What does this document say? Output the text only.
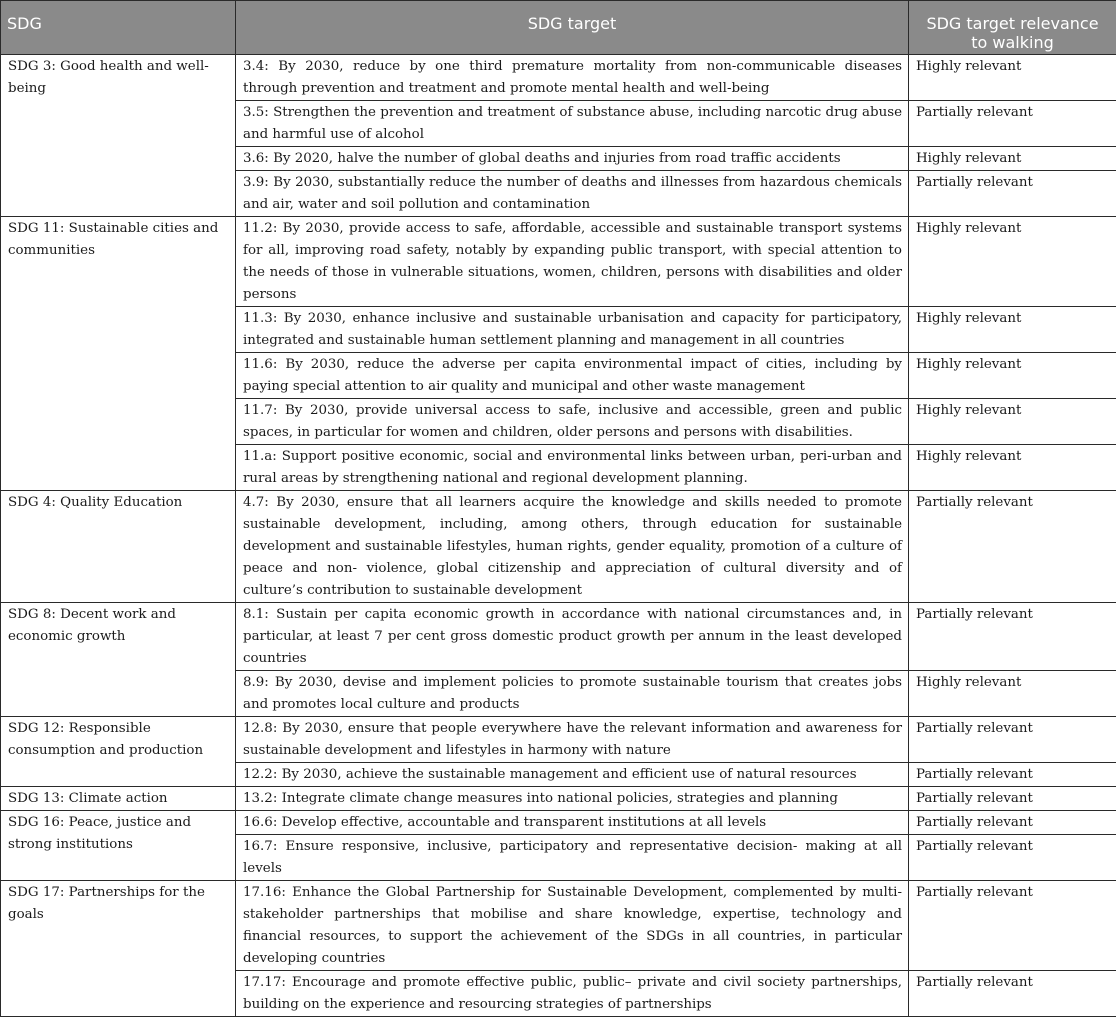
SDG	SDG target	SDG target relevance to walking
SDG 3: Good health and well-being	3.4: By 2030, reduce by one third premature mortality from non-communicable diseases through prevention and treatment and promote mental health and well-being	Highly relevant
	3.5: Strengthen the prevention and treatment of substance abuse, including narcotic drug abuse and harmful use of alcohol	Partially relevant
	3.6: By 2020, halve the number of global deaths and injuries from road traffic accidents	Highly relevant
	3.9: By 2030, substantially reduce the number of deaths and illnesses from hazardous chemicals and air, water and soil pollution and contamination	Partially relevant
SDG 11: Sustainable cities and communities	11.2: By 2030, provide access to safe, affordable, accessible and sustainable transport systems for all, improving road safety, notably by expanding public transport, with special attention to the needs of those in vulnerable situations, women, children, persons with disabilities and older persons	Highly relevant
	11.3: By 2030, enhance inclusive and sustainable urbanisation and capacity for participatory, integrated and sustainable human settlement planning and management in all countries	Highly relevant
	11.6: By 2030, reduce the adverse per capita environmental impact of cities, including by paying special attention to air quality and municipal and other waste management	Highly relevant
	11.7: By 2030, provide universal access to safe, inclusive and accessible, green and public spaces, in particular for women and children, older persons and persons with disabilities.	Highly relevant
	11.a: Support positive economic, social and environmental links between urban, peri-urban and rural areas by strengthening national and regional development planning.	Highly relevant
SDG 4: Quality Education	4.7: By 2030, ensure that all learners acquire the knowledge and skills needed to promote sustainable development, including, among others, through education for sustainable development and sustainable lifestyles, human rights, gender equality, promotion of a culture of peace and non- violence, global citizenship and appreciation of cultural diversity and of culture’s contribution to sustainable development	Partially relevant
SDG 8: Decent work and economic growth	8.1: Sustain per capita economic growth in accordance with national circumstances and, in particular, at least 7 per cent gross domestic product growth per annum in the least developed countries	Partially relevant
	8.9: By 2030, devise and implement policies to promote sustainable tourism that creates jobs and promotes local culture and products	Highly relevant
SDG 12: Responsible consumption and production	12.8: By 2030, ensure that people everywhere have the relevant information and awareness for sustainable development and lifestyles in harmony with nature	Partially relevant
	12.2: By 2030, achieve the sustainable management and efficient use of natural resources	Partially relevant
SDG 13: Climate action	13.2: Integrate climate change measures into national policies, strategies and planning	Partially relevant
SDG 16: Peace, justice and strong institutions	16.6: Develop effective, accountable and transparent institutions at all levels	Partially relevant
	16.7: Ensure responsive, inclusive, participatory and representative decision- making at all levels	Partially relevant
SDG 17: Partnerships for the goals	17.16: Enhance the Global Partnership for Sustainable Development, complemented by multi-stakeholder partnerships that mobilise and share knowledge, expertise, technology and financial resources, to support the achievement of the SDGs in all countries, in particular developing countries	Partially relevant
	17.17: Encourage and promote effective public, public– private and civil society partnerships, building on the experience and resourcing strategies of partnerships	Partially relevant
